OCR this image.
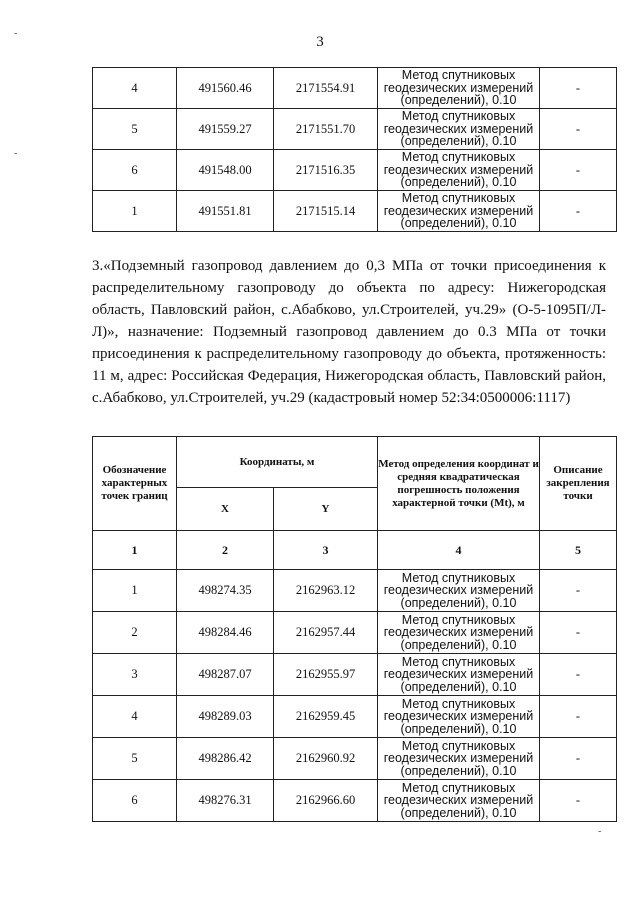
3
4	491560.46	2171554.91	Метод спутниковых
геодезических измерений
(определений), 0.10	-
5	491559.27	2171551.70	Метод спутниковых
геодезических измерений
(определений), 0.10	-
6	491548.00	2171516.35	Метод спутниковых
геодезических измерений
(определений), 0.10	-
1	491551.81	2171515.14	Метод спутниковых
геодезических измерений
(определений), 0.10	-

3.«Подземный газопровод давлением до 0,3 МПа от точки присоединения к распределительному газопроводу до объекта по адресу: Нижегородская область, Павловский район, с.Абабково, ул.Строителей, уч.29» (О-5-1095П/Л-Л)», назначение: Подземный газопровод давлением до 0.3 МПа от точки присоединения к распределительному газопроводу до объекта, протяженность: 11 м, адрес: Российская Федерация, Нижегородская область, Павловский район, с.Абабково, ул.Строителей, уч.29 (кадастровый номер 52:34:0500006:1117)

Обозначение характерных точек границ	Координаты, м		Метод определения координат и средняя квадратическая погрешность положения характерной точки (Мt), м	Описание закрепления точки
	X	Y		
1	2	3	4	5
1	498274.35	2162963.12	Метод спутниковых
геодезических измерений
(определений), 0.10	-
2	498284.46	2162957.44	Метод спутниковых
геодезических измерений
(определений), 0.10	-
3	498287.07	2162955.97	Метод спутниковых
геодезических измерений
(определений), 0.10	-
4	498289.03	2162959.45	Метод спутниковых
геодезических измерений
(определений), 0.10	-
5	498286.42	2162960.92	Метод спутниковых
геодезических измерений
(определений), 0.10	-
6	498276.31	2162966.60	Метод спутниковых
геодезических измерений
(определений), 0.10	-
-
-
-
